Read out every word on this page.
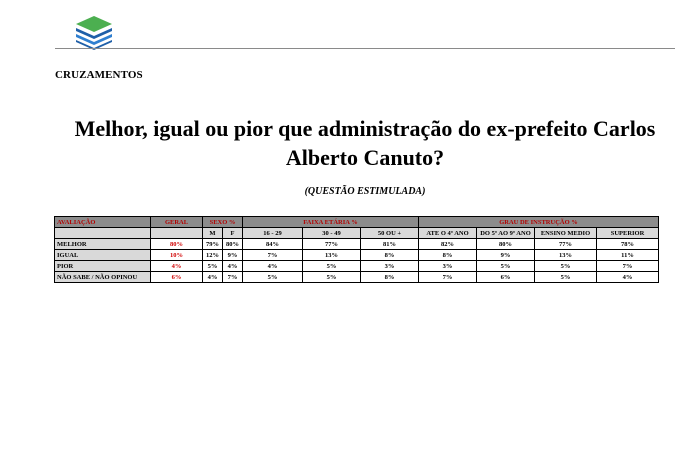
CRUZAMENTOS
Melhor, igual ou pior que administração do ex-prefeito Carlos
Alberto Canuto?
(QUESTÃO ESTIMULADA)
AVALIAÇÃO	GERAL	SEXO %		FAIXA ETÁRIA %			GRAU DE INSTRUÇÃO %			
		M	F	16 - 29	30 - 49	50 OU +	ATE O 4º ANO	DO 5º AO 9º ANO	ENSINO MEDIO	SUPERIOR
MELHOR	80%	79%	80%	84%	77%	81%	82%	80%	77%	78%
IGUAL	10%	12%	9%	7%	13%	8%	8%	9%	13%	11%
PIOR	4%	5%	4%	4%	5%	3%	3%	5%	5%	7%
NÃO SABE / NÃO OPINOU	6%	4%	7%	5%	5%	8%	7%	6%	5%	4%
